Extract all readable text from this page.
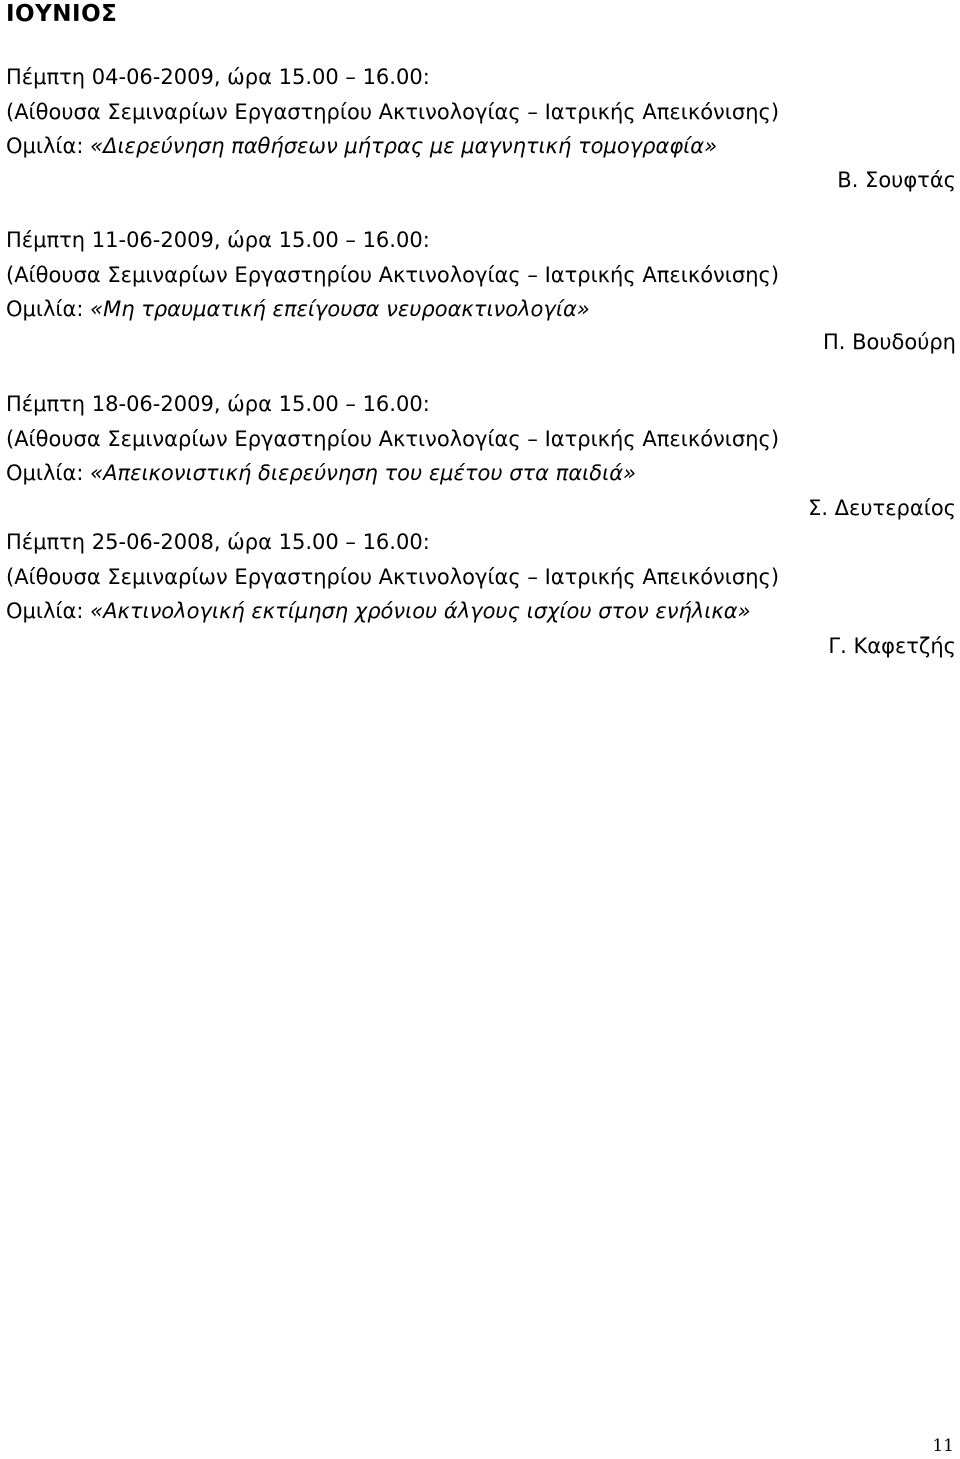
ΙΟΥΝΙΟΣ
Πέμπτη 04-06-2009, ώρα 15.00 – 16.00:
(Αίθουσα Σεμιναρίων Εργαστηρίου Ακτινολογίας – Ιατρικής Απεικόνισης)
Ομιλία: «Διερεύνηση παθήσεων μήτρας με μαγνητική τομογραφία»
Β. Σουφτάς
Πέμπτη 11-06-2009, ώρα 15.00 – 16.00:
(Αίθουσα Σεμιναρίων Εργαστηρίου Ακτινολογίας – Ιατρικής Απεικόνισης)
Ομιλία: «Μη τραυματική επείγουσα νευροακτινολογία»
Π. Βουδούρη
Πέμπτη 18-06-2009, ώρα 15.00 – 16.00:
(Αίθουσα Σεμιναρίων Εργαστηρίου Ακτινολογίας – Ιατρικής Απεικόνισης)
Ομιλία: «Απεικονιστική διερεύνηση του εμέτου στα παιδιά»
Σ. Δευτεραίος
Πέμπτη 25-06-2008, ώρα 15.00 – 16.00:
(Αίθουσα Σεμιναρίων Εργαστηρίου Ακτινολογίας – Ιατρικής Απεικόνισης)
Ομιλία: «Ακτινολογική εκτίμηση χρόνιου άλγους ισχίου στον ενήλικα»
Γ. Καφετζής
11
